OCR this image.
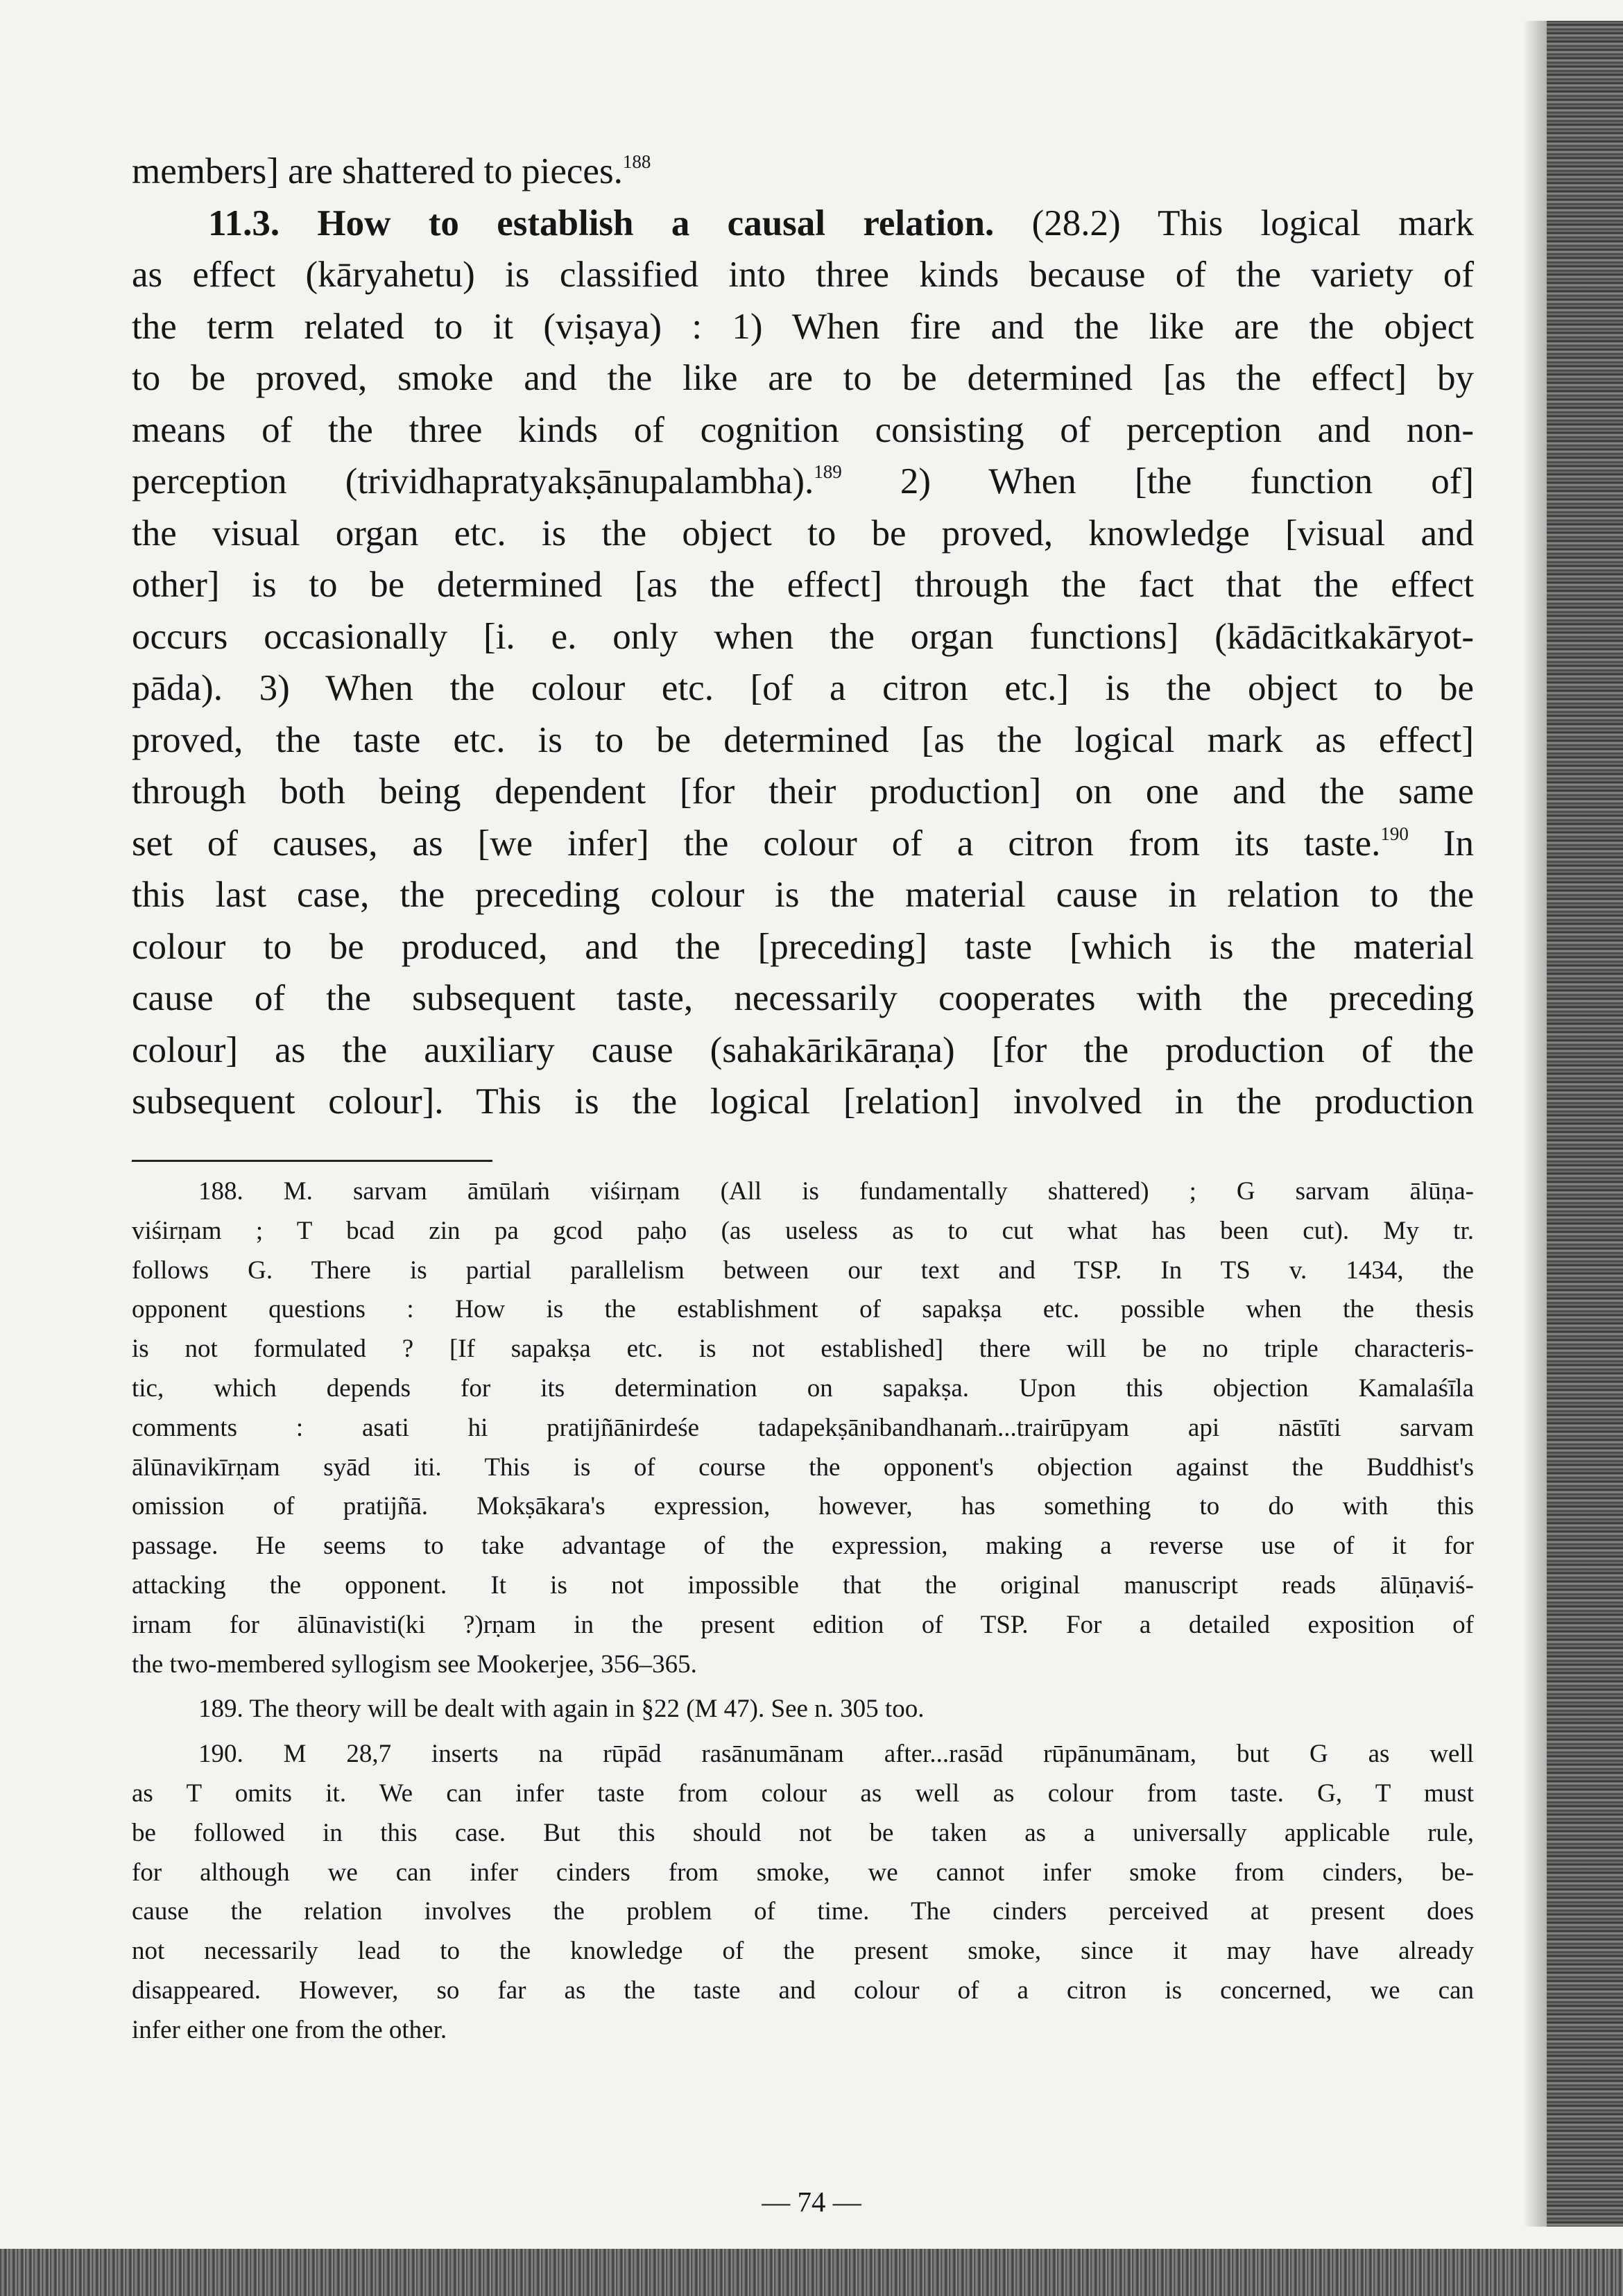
members] are shattered to pieces.$^{188}$
11.3. How to establish a causal relation. (28.2) This logical mark
as effect (kāryahetu) is classified into three kinds because of the variety of
the term related to it (viṣaya) : 1) When fire and the like are the object
to be proved, smoke and the like are to be determined [as the effect] by
means of the three kinds of cognition consisting of perception and non-
perception (trividhapratyakṣānupalambha).$^{189}$ 2) When [the function of]
the visual organ etc. is the object to be proved, knowledge [visual and
other] is to be determined [as the effect] through the fact that the effect
occurs occasionally [i. e. only when the organ functions] (kādācitkakāryot-
pāda). 3) When the colour etc. [of a citron etc.] is the object to be
proved, the taste etc. is to be determined [as the logical mark as effect]
through both being dependent [for their production] on one and the same
set of causes, as [we infer] the colour of a citron from its taste.$^{190}$ In
this last case, the preceding colour is the material cause in relation to the
colour to be produced, and the [preceding] taste [which is the material
cause of the subsequent taste, necessarily cooperates with the preceding
colour] as the auxiliary cause (sahakārikāraṇa) [for the production of the
subsequent colour]. This is the logical [relation] involved in the production
188. M. sarvam āmūlaṁ viśirṇam (All is fundamentally shattered) ; G sarvam ālūṇa-
viśirṇam ; T bcad zin pa gcod paḥo (as useless as to cut what has been cut). My tr.
follows G. There is partial parallelism between our text and TSP. In TS v. 1434, the
opponent questions : How is the establishment of sapakṣa etc. possible when the thesis
is not formulated ? [If sapakṣa etc. is not established] there will be no triple characteris-
tic, which depends for its determination on sapakṣa. Upon this objection Kamalaśīla
comments : asati hi pratijñānirdeśe tadapekṣānibandhanaṁ...trairūpyam api nāstīti sarvam
ālūnavikīrṇam syād iti. This is of course the opponent's objection against the Buddhist's
omission of pratijñā. Mokṣākara's expression, however, has something to do with this
passage. He seems to take advantage of the expression, making a reverse use of it for
attacking the opponent. It is not impossible that the original manuscript reads ālūṇaviś-
irnam for ālūnavisti(ki ?)rṇam in the present edition of TSP. For a detailed exposition of
the two-membered syllogism see Mookerjee, 356–365.
189. The theory will be dealt with again in §22 (M 47). See n. 305 too.
190. M 28,7 inserts na rūpād rasānumānam after...rasād rūpānumānam, but G as well
as T omits it. We can infer taste from colour as well as colour from taste. G, T must
be followed in this case. But this should not be taken as a universally applicable rule,
for although we can infer cinders from smoke, we cannot infer smoke from cinders, be-
cause the relation involves the problem of time. The cinders perceived at present does
not necessarily lead to the knowledge of the present smoke, since it may have already
disappeared. However, so far as the taste and colour of a citron is concerned, we can
infer either one from the other.
— 74 —
